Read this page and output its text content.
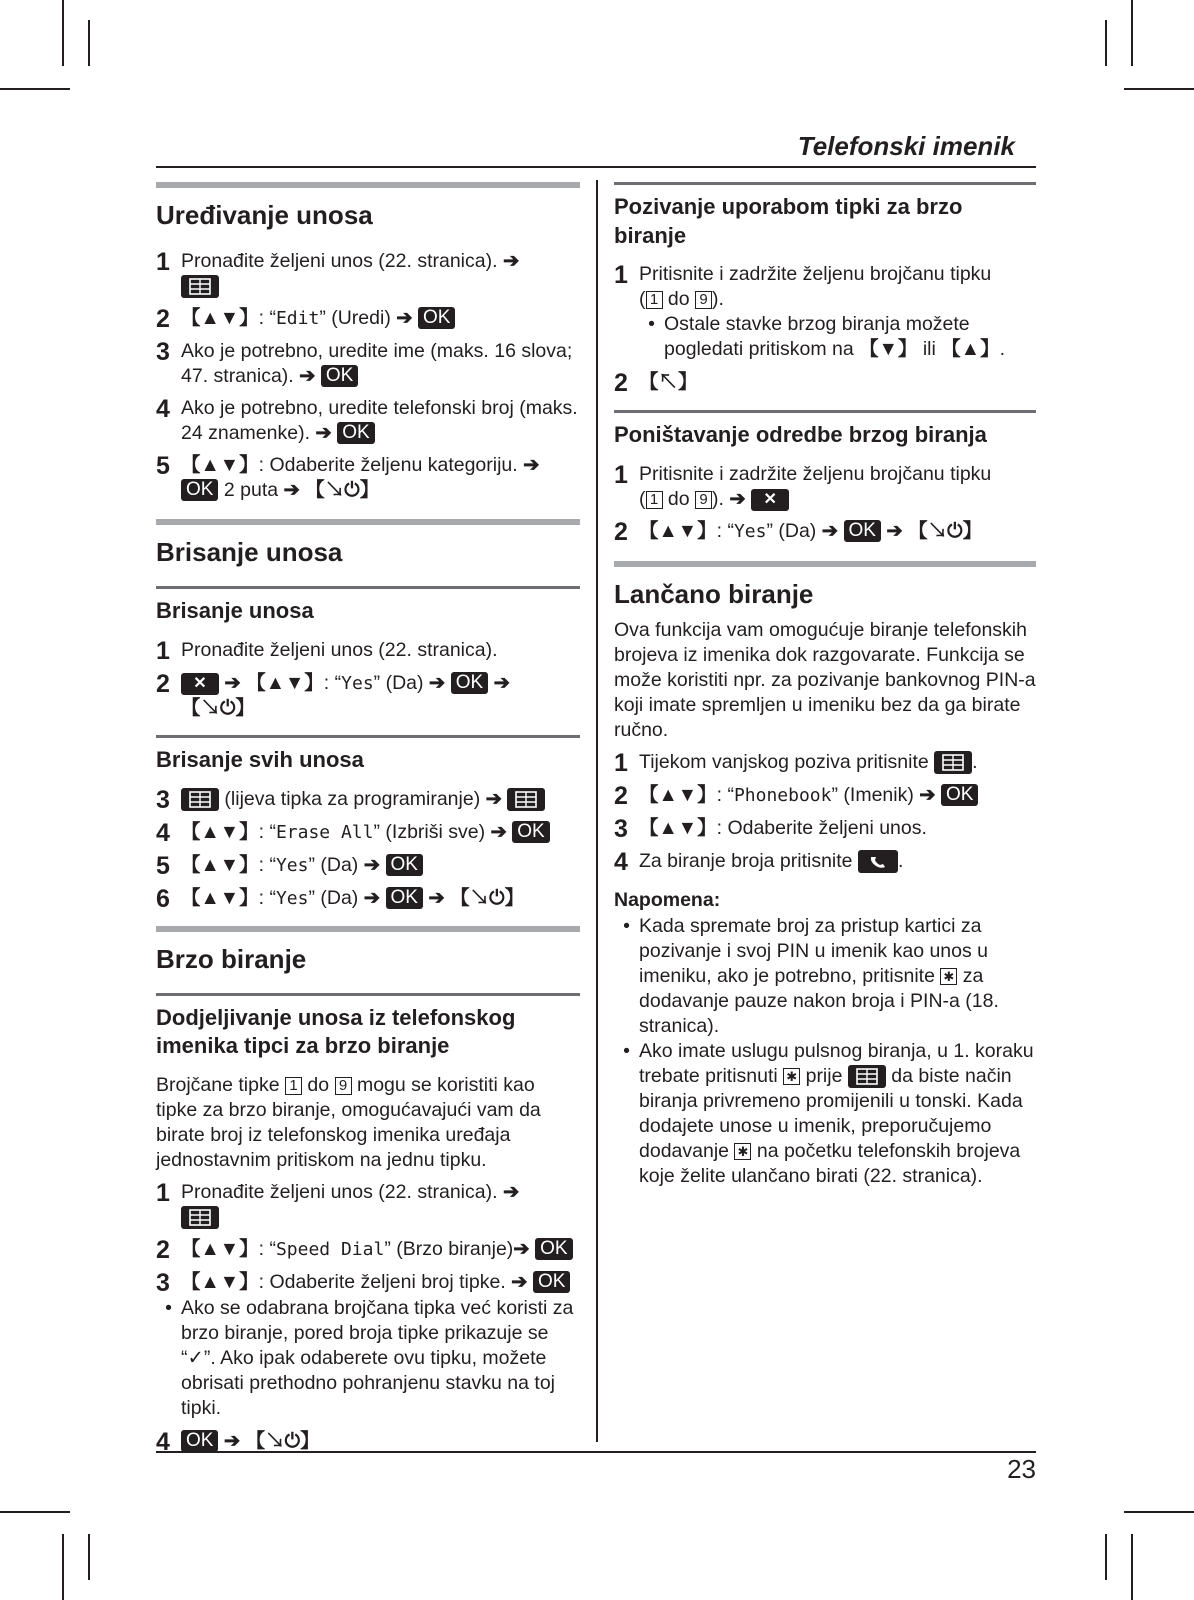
Telefonski imenik
23
Uređivanje unosa
1 Pronađite željeni unos (22. stranica). ➔

2 【▲▼】: “Edit” (Uredi) ➔ OK
3 Ako je potrebno, uredite ime (maks. 16 slova; 47. stranica). ➔ OK
4 Ako je potrebno, uredite telefonski broj (maks. 24 znamenke). ➔ OK
5 【▲▼】: Odaberite željenu kategoriju. ➔ OK 2 puta ➔ 【↘⏻】
Brisanje unosa
Brisanje unosa
1 Pronađite željeni unos (22. stranica).
2	✕ ➔ 【▲▼】: “Yes” (Da) ➔ OK ➔ 【↘⏻】
Brisanje svih unosa
3	(lijeva tipka za programiranje) ➔
4 【▲▼】: “Erase All” (Izbriši sve) ➔ OK
5 【▲▼】: “Yes” (Da) ➔ OK
6 【▲▼】: “Yes” (Da) ➔ OK ➔ 【↘⏻】
Brzo biranje
Dodjeljivanje unosa iz telefonskog imenika tipci za brzo biranje

Brojčane tipke 1 do 9 mogu se koristiti kao tipke za brzo biranje, omogućavajući vam da birate broj iz telefonskog imenika uređaja jednostavnim pritiskom na jednu tipku.

1 Pronađite željeni unos (22. stranica). ➔

2 【▲▼】: “Speed Dial” (Brzo biranje)➔ OK
3 【▲▼】: Odaberite željeni broj tipke. ➔ OK
• Ako se odabrana brojčana tipka već koristi za brzo biranje, pored broja tipke prikazuje se “✓”. Ako ipak odaberete ovu tipku, možete obrisati prethodno pohranjenu stavku na toj tipki.
4 OK ➔ 【↘⏻】
Pozivanje uporabom tipki za brzo biranje
1 Pritisnite i zadržite željenu brojčanu tipku
( 1 do 9 ).
• Ostale stavke brzog biranja možete pogledati pritiskom na 【▼】 ili 【▲】.
2 【↖】
Poništavanje odredbe brzog biranja
1 Pritisnite i zadržite željenu brojčanu tipku
( 1 do 9 ). ➔ ✕
2 【▲▼】: “Yes” (Da) ➔ OK ➔ 【↘⏻】
Lančano biranje

Ova funkcija vam omogućuje biranje telefonskih brojeva iz imenika dok razgovarate. Funkcija se može koristiti npr. za pozivanje bankovnog PIN-a koji imate spremljen u imeniku bez da ga birate ručno.

1 Tijekom vanjskog poziva pritisnite .
2 【▲▼】: “Phonebook” (Imenik) ➔ OK
3 【▲▼】: Odaberite željeni unos.
4 Za biranje broja pritisnite .
Napomena:
• Kada spremate broj za pristup kartici za pozivanje i svoj PIN u imenik kao unos u imeniku, ako je potrebno, pritisnite ✱ za dodavanje pauze nakon broja i PIN-a (18. stranica).
• Ako imate uslugu pulsnog biranja, u 1. koraku trebate pritisnuti ✱ prije	da biste način biranja privremeno promijenili u tonski. Kada dodajete unose u imenik, preporučujemo dodavanje ✱ na početku telefonskih brojeva koje želite ulančano birati (22. stranica).
